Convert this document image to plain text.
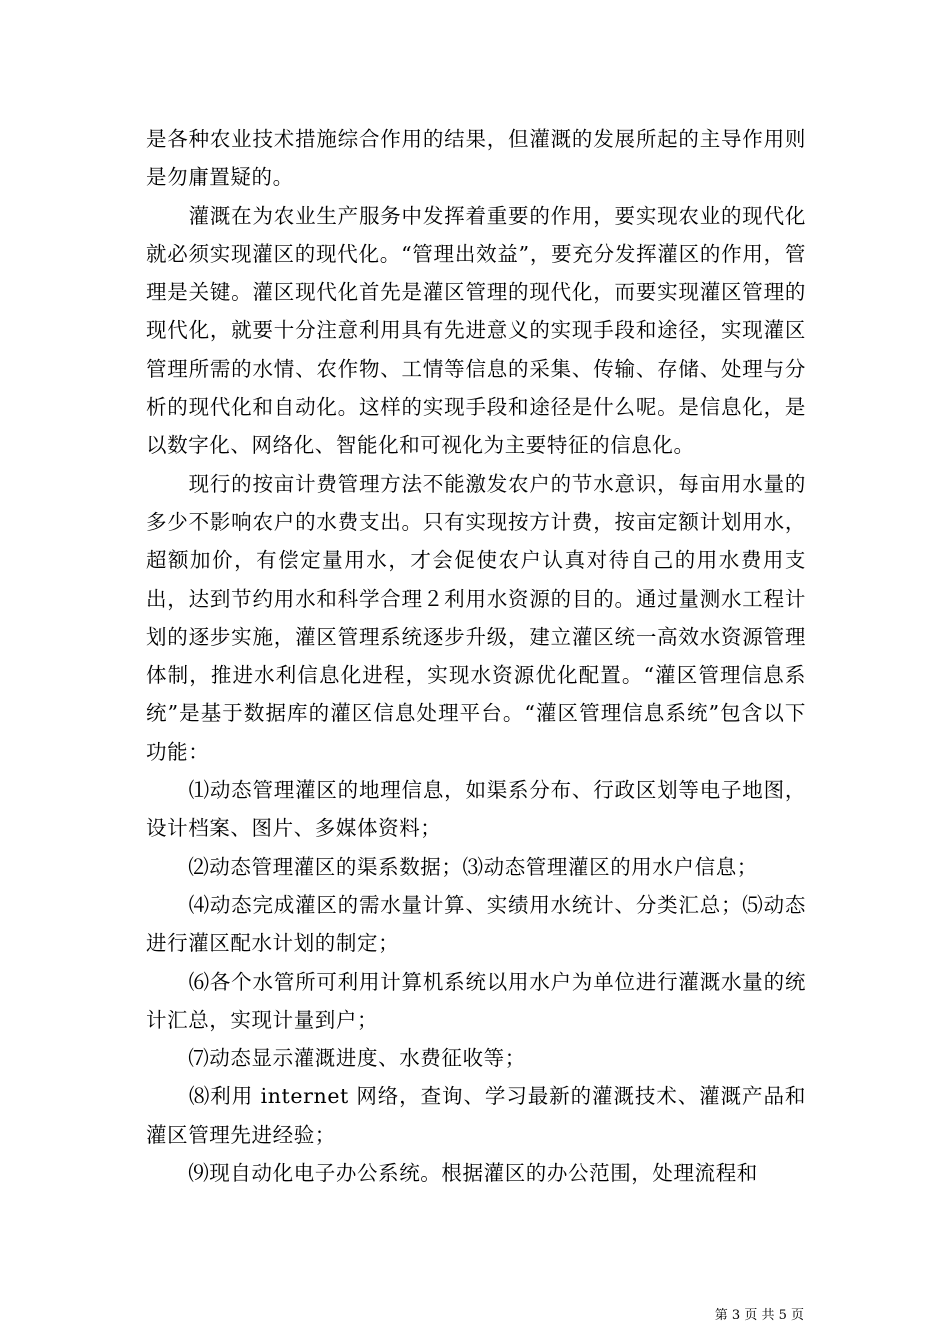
是各种农业技术措施综合作用的结果，但灌溉的发展所起的主导作用则是勿庸置疑的。

　　灌溉在为农业生产服务中发挥着重要的作用，要实现农业的现代化就必须实现灌区的现代化。“管理出效益”，要充分发挥灌区的作用，管理是关键。灌区现代化首先是灌区管理的现代化，而要实现灌区管理的现代化，就要十分注意利用具有先进意义的实现手段和途径，实现灌区管理所需的水情、农作物、工情等信息的采集、传输、存储、处理与分析的现代化和自动化。这样的实现手段和途径是什么呢。是信息化，是以数字化、网络化、智能化和可视化为主要特征的信息化。

　　现行的按亩计费管理方法不能激发农户的节水意识，每亩用水量的多少不影响农户的水费支出。只有实现按方计费，按亩定额计划用水，超额加价，有偿定量用水，才会促使农户认真对待自己的用水费用支出，达到节约用水和科学合理２利用水资源的目的。通过量测水工程计划的逐步实施，灌区管理系统逐步升级，建立灌区统一高效水资源管理体制，推进水利信息化进程，实现水资源优化配置。“灌区管理信息系统”是基于数据库的灌区信息处理平台。“灌区管理信息系统”包含以下功能：

　　⑴动态管理灌区的地理信息，如渠系分布、行政区划等电子地图，设计档案、图片、多媒体资料；

　　⑵动态管理灌区的渠系数据；⑶动态管理灌区的用水户信息；

　　⑷动态完成灌区的需水量计算、实绩用水统计、分类汇总；⑸动态进行灌区配水计划的制定；

　　⑹各个水管所可利用计算机系统以用水户为单位进行灌溉水量的统计汇总，实现计量到户；

　　⑺动态显示灌溉进度、水费征收等；

　　⑻利用 internet 网络，查询、学习最新的灌溉技术、灌溉产品和灌区管理先进经验；

　　⑼现自动化电子办公系统。根据灌区的办公范围，处理流程和

第 3 页 共 5 页
